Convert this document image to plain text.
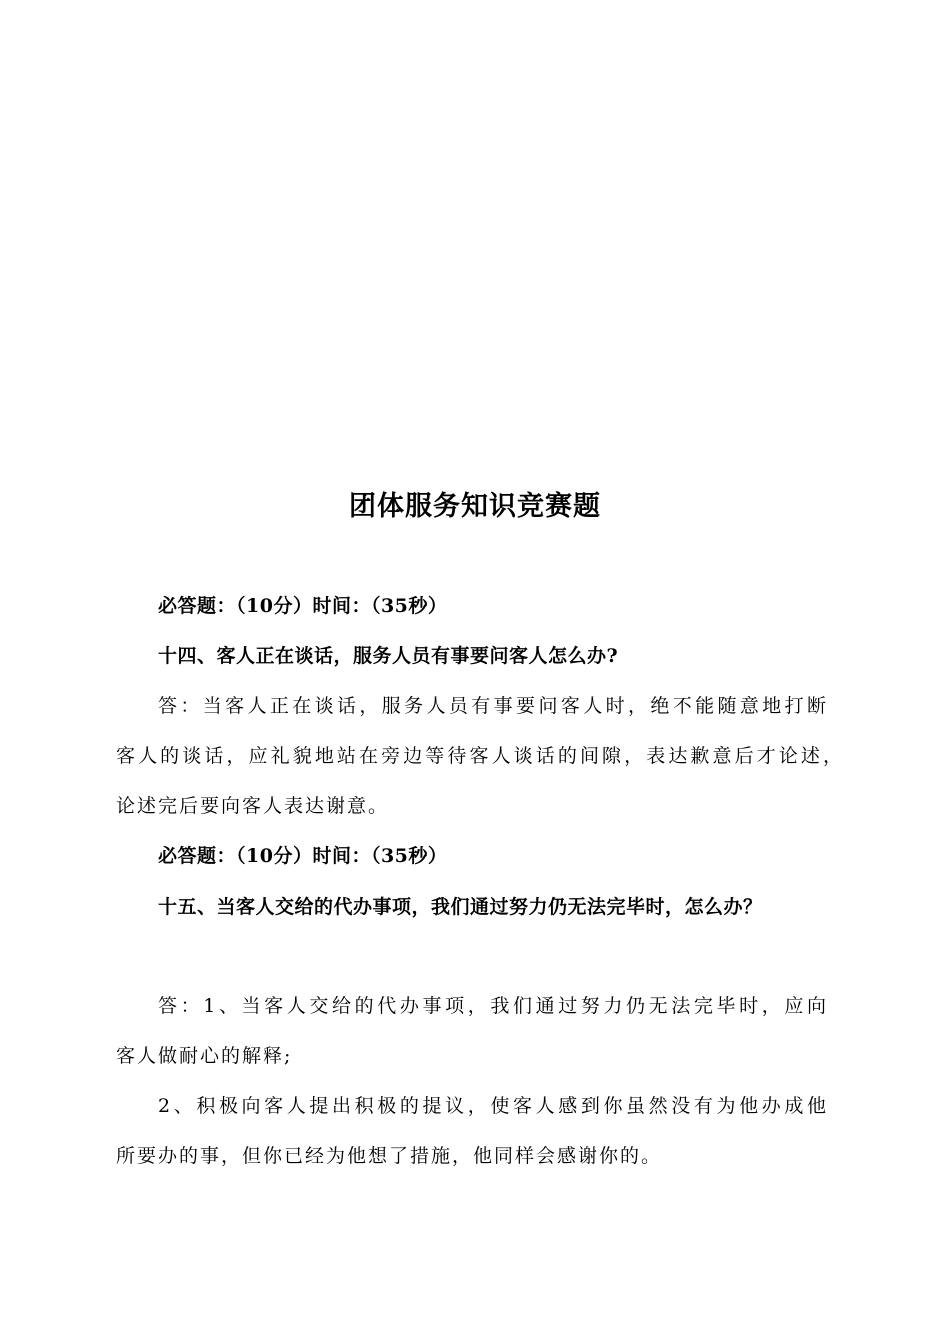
团体服务知识竞赛题
必答题：（10分）时间：（35秒）
十四、客人正在谈话，服务人员有事要问客人怎么办?
答：当客人正在谈话，服务人员有事要问客人时，绝不能随意地打断
客人的谈话，应礼貌地站在旁边等待客人谈话的间隙，表达歉意后才论述，
论述完后要向客人表达谢意。
必答题：（10分）时间：（35秒）
十五、当客人交给的代办事项，我们通过努力仍无法完毕时，怎么办？
答：1、当客人交给的代办事项，我们通过努力仍无法完毕时，应向
客人做耐心的解释;
2、积极向客人提出积极的提议，使客人感到你虽然没有为他办成他
所要办的事，但你已经为他想了措施，他同样会感谢你的。
